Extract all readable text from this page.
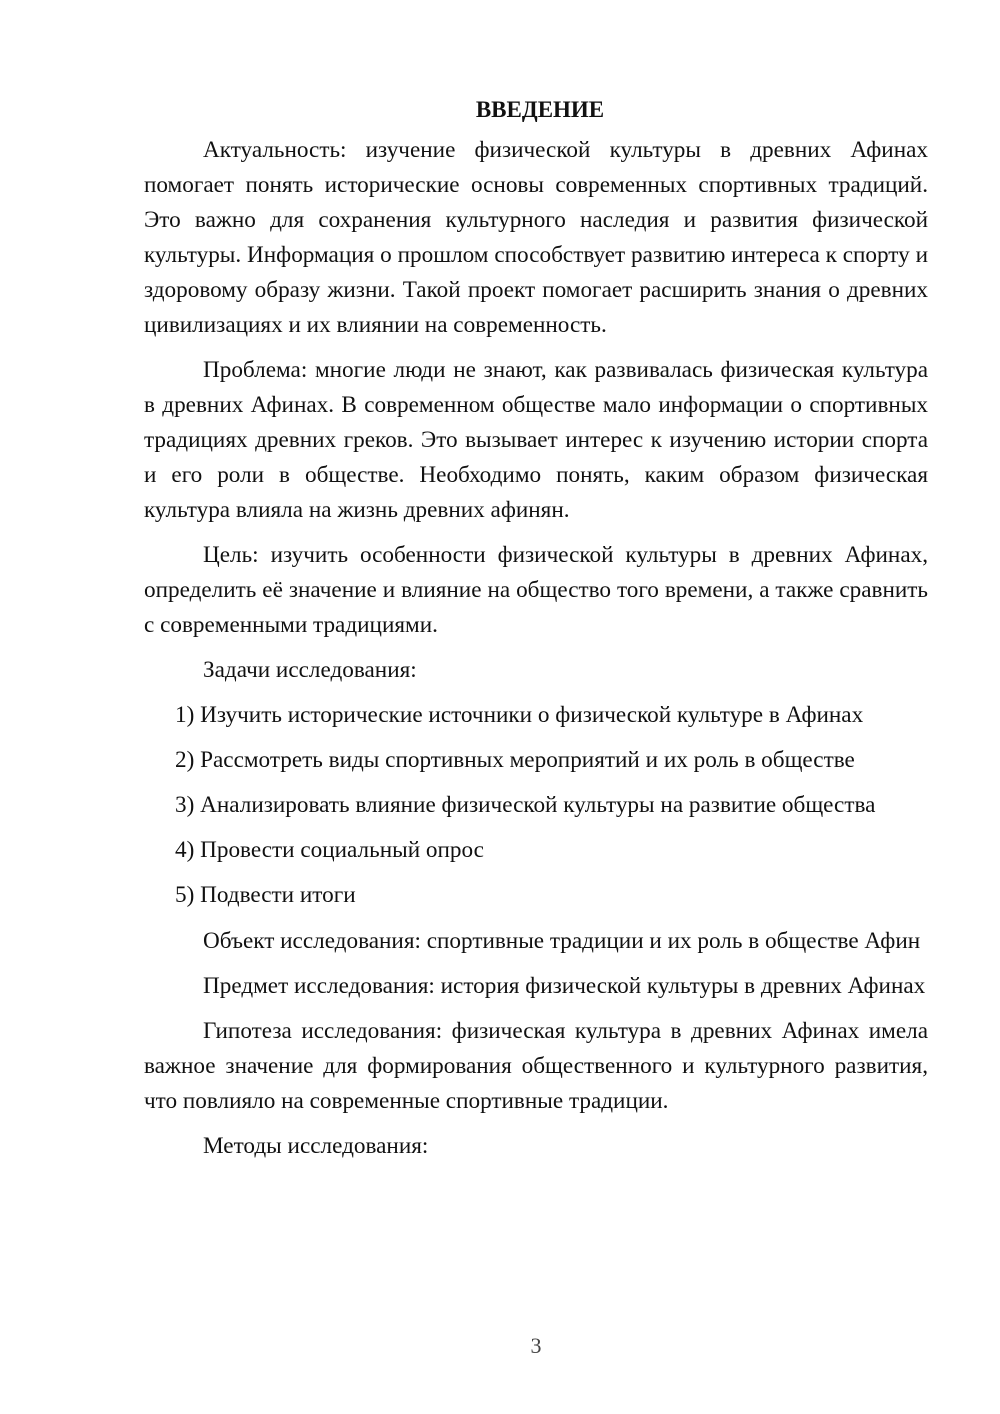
ВВЕДЕНИЕ

Актуальность: изучение физической культуры в древних Афинах помогает понять исторические основы современных спортивных традиций. Это важно для сохранения культурного наследия и развития физической культуры. Информация о прошлом способствует развитию интереса к спорту и здоровому образу жизни. Такой проект помогает расширить знания о древних цивилизациях и их влиянии на современность.

Проблема: многие люди не знают, как развивалась физическая культура в древних Афинах. В современном обществе мало информации о спортивных традициях древних греков. Это вызывает интерес к изучению истории спорта и его роли в обществе. Необходимо понять, каким образом физическая культура влияла на жизнь древних афинян.

Цель: изучить особенности физической культуры в древних Афинах, определить её значение и влияние на общество того времени, а также сравнить с современными традициями.

Задачи исследования:

1) Изучить исторические источники о физической культуре в Афинах
2) Рассмотреть виды спортивных мероприятий и их роль в обществе
3) Анализировать влияние физической культуры на развитие общества
4) Провести социальный опрос
5) Подвести итоги

Объект исследования: спортивные традиции и их роль в обществе Афин

Предмет исследования: история физической культуры в древних Афинах

Гипотеза исследования: физическая культура в древних Афинах имела важное значение для формирования общественного и культурного развития, что повлияло на современные спортивные традиции.

Методы исследования:

3
